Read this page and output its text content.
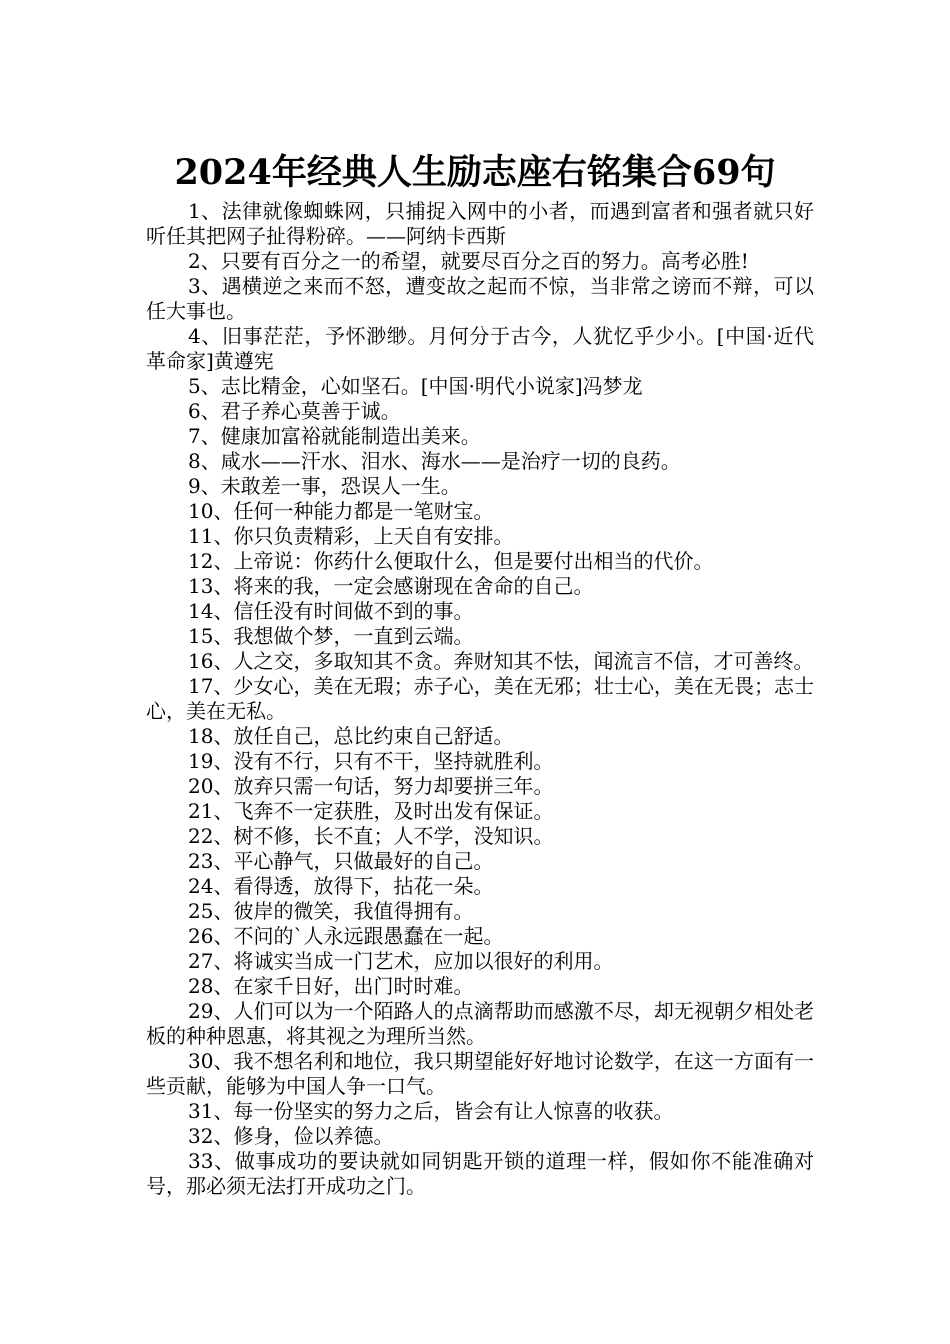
2024年经典人生励志座右铭集合69句

1、法律就像蜘蛛网，只捕捉入网中的小者，而遇到富者和强者就只好听任其把网子扯得粉碎。——阿纳卡西斯

2、只要有百分之一的希望，就要尽百分之百的努力。高考必胜!

3、遇横逆之来而不怒，遭变故之起而不惊，当非常之谤而不辩，可以任大事也。

4、旧事茫茫，予怀渺缈。月何分于古今，人犹忆乎少小。[中国·近代革命家]黄遵宪

5、志比精金，心如坚石。[中国·明代小说家]冯梦龙

6、君子养心莫善于诚。

7、健康加富裕就能制造出美来。

8、咸水——汗水、泪水、海水——是治疗一切的良药。

9、未敢差一事，恐误人一生。

10、任何一种能力都是一笔财宝。

11、你只负责精彩，上天自有安排。

12、上帝说：你药什么便取什么，但是要付出相当的代价。

13、将来的我，一定会感谢现在舍命的自己。

14、信任没有时间做不到的事。

15、我想做个梦，一直到云端。

16、人之交，多取知其不贪。奔财知其不怯，闻流言不信，才可善终。

17、少女心，美在无瑕；赤子心，美在无邪；壮士心，美在无畏；志士心，美在无私。

18、放任自己，总比约束自己舒适。

19、没有不行，只有不干，坚持就胜利。

20、放弃只需一句话，努力却要拼三年。

21、飞奔不一定获胜，及时出发有保证。

22、树不修，长不直；人不学，没知识。

23、平心静气，只做最好的自己。

24、看得透，放得下，拈花一朵。

25、彼岸的微笑，我值得拥有。

26、不问的`人永远跟愚蠢在一起。

27、将诚实当成一门艺术，应加以很好的利用。

28、在家千日好，出门时时难。

29、人们可以为一个陌路人的点滴帮助而感激不尽，却无视朝夕相处老板的种种恩惠，将其视之为理所当然。

30、我不想名利和地位，我只期望能好好地讨论数学，在这一方面有一些贡献，能够为中国人争一口气。

31、每一份坚实的努力之后，皆会有让人惊喜的收获。

32、修身，俭以养德。

33、做事成功的要诀就如同钥匙开锁的道理一样，假如你不能准确对号，那必须无法打开成功之门。
